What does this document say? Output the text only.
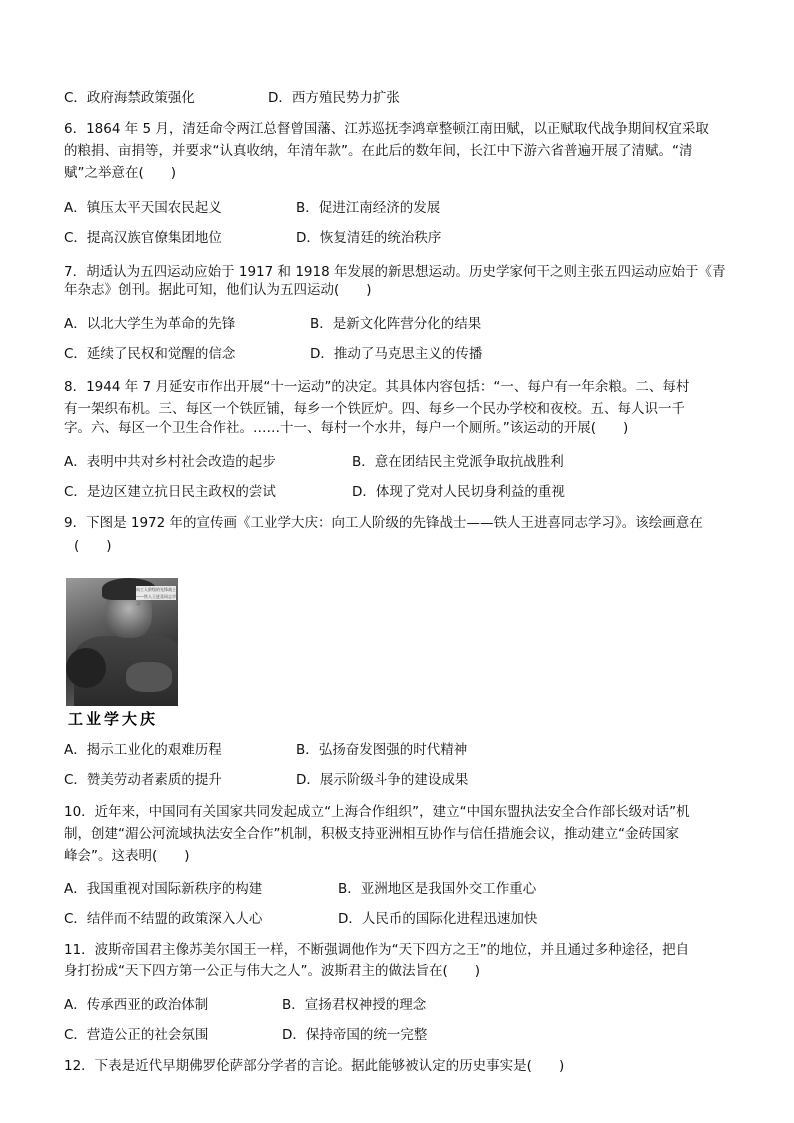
C．政府海禁政策强化	D．西方殖民势力扩张
6．1864 年 5 月，清廷命令两江总督曾国藩、江苏巡抚李鸿章整顿江南田赋，以正赋取代战争期间权宜采取
的粮捐、亩捐等，并要求“认真收纳，年清年款”。在此后的数年间，长江中下游六省普遍开展了清赋。“清
赋”之举意在(　　)
A．镇压太平天国农民起义	B．促进江南经济的发展
C．提高汉族官僚集团地位	D．恢复清廷的统治秩序
7．胡适认为五四运动应始于 1917 和 1918 年发展的新思想运动。历史学家何干之则主张五四运动应始于《青
年杂志》创刊。据此可知，他们认为五四运动(　　)
A．以北大学生为革命的先锋	B．是新文化阵营分化的结果
C．延续了民权和觉醒的信念	D．推动了马克思主义的传播
8．1944 年 7 月延安市作出开展“十一运动”的决定。其具体内容包括：“一、每户有一年余粮。二、每村
有一架织布机。三、每区一个铁匠铺，每乡一个铁匠炉。四、每乡一个民办学校和夜校。五、每人识一千
字。六、每区一个卫生合作社。……十一、每村一个水井，每户一个厕所。”该运动的开展(　　)
A．表明中共对乡村社会改造的起步	B．意在团结民主党派争取抗战胜利
C．是边区建立抗日民主政权的尝试	D．体现了党对人民切身利益的重视
9．下图是 1972 年的宣传画《工业学大庆：向工人阶级的先锋战士——铁人王进喜同志学习》。该绘画意在
(　　)
向工人阶级的先锋战士——铁人王进喜同志学习
工业学大庆
A．揭示工业化的艰难历程	B．弘扬奋发图强的时代精神
C．赞美劳动者素质的提升	D．展示阶级斗争的建设成果
10．近年来，中国同有关国家共同发起成立“上海合作组织”，建立“中国东盟执法安全合作部长级对话”机
制，创建“湄公河流域执法安全合作”机制，积极支持亚洲相互协作与信任措施会议，推动建立“金砖国家
峰会”。这表明(　　)
A．我国重视对国际新秩序的构建	B．亚洲地区是我国外交工作重心
C．结伴而不结盟的政策深入人心	D．人民币的国际化进程迅速加快
11．波斯帝国君主像苏美尔国王一样，不断强调他作为“天下四方之王”的地位，并且通过多种途径，把自
身打扮成“天下四方第一公正与伟大之人”。波斯君主的做法旨在(　　)
A．传承西亚的政治体制	B．宣扬君权神授的理念
C．营造公正的社会氛围	D．保持帝国的统一完整
12．下表是近代早期佛罗伦萨部分学者的言论。据此能够被认定的历史事实是(　　)
